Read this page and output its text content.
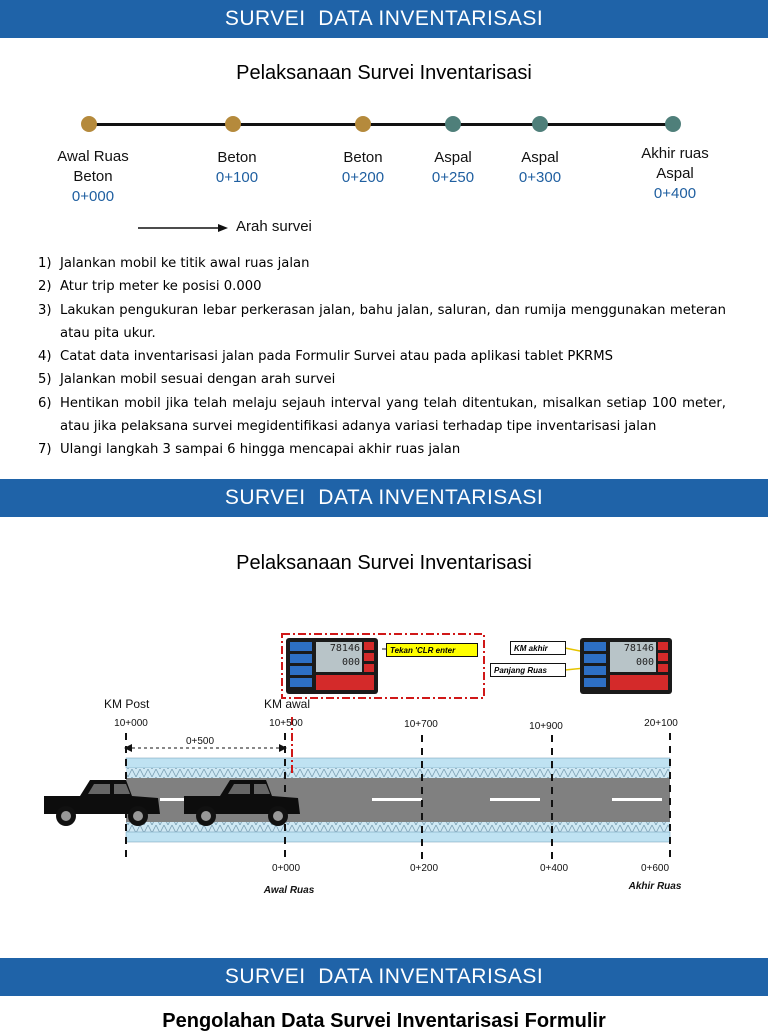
SURVEI  DATA INVENTARISASI
Pelaksanaan Survei Inventarisasi
Awal Ruas
Beton
0+000
Beton
0+100
Beton
0+200
Aspal
0+250
Aspal
0+300
Akhir ruas
Aspal
0+400
Arah survei
1) Jalankan mobil ke titik awal ruas jalan
2) Atur trip meter ke posisi 0.000
3) Lakukan pengukuran lebar perkerasan jalan, bahu jalan, saluran, dan rumija menggunakan meteran atau pita ukur.
4) Catat data inventarisasi jalan pada Formulir Survei atau pada aplikasi tablet PKRMS
5) Jalankan mobil sesuai dengan arah survei
6) Hentikan mobil jika telah melaju sejauh interval yang telah ditentukan, misalkan setiap 100 meter, atau jika pelaksana survei megidentifikasi adanya variasi terhadap tipe inventarisasi jalan
7) Ulangi langkah 3 sampai 6 hingga mencapai akhir ruas jalan
SURVEI  DATA INVENTARISASI
Pelaksanaan Survei Inventarisasi
78146
000
78146
000
Tekan 'CLR enter	KM akhir
Panjang Ruas
KM Post	KM awal
10+000	10+500	10+700	10+900	20+100
0+500
0+000	0+200	0+400	0+600
Awal Ruas	Akhir Ruas
SURVEI  DATA INVENTARISASI
Pengolahan Data Survei Inventarisasi Formulir
